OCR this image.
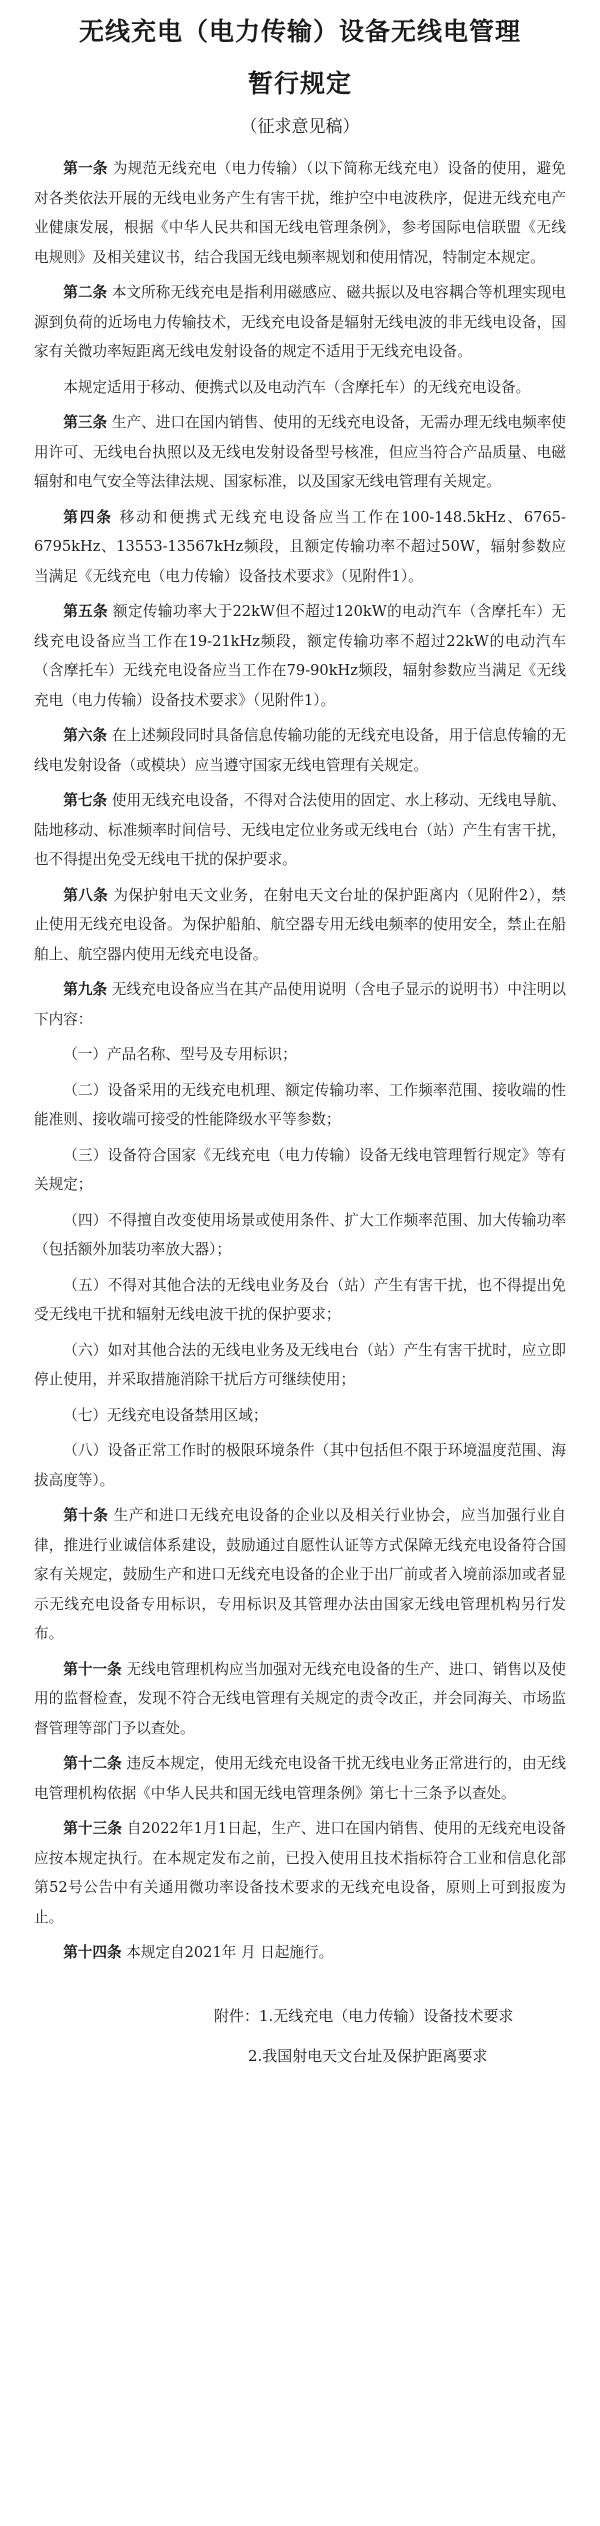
无线充电（电力传输）设备无线电管理
暂行规定
（征求意见稿）

第一条 为规范无线充电（电力传输）（以下简称无线充电）设备的使用，避免对各类依法开展的无线电业务产生有害干扰，维护空中电波秩序，促进无线充电产业健康发展，根据《中华人民共和国无线电管理条例》，参考国际电信联盟《无线电规则》及相关建议书，结合我国无线电频率规划和使用情况，特制定本规定。

第二条 本文所称无线充电是指利用磁感应、磁共振以及电容耦合等机理实现电源到负荷的近场电力传输技术，无线充电设备是辐射无线电波的非无线电设备，国家有关微功率短距离无线电发射设备的规定不适用于无线充电设备。

本规定适用于移动、便携式以及电动汽车（含摩托车）的无线充电设备。

第三条 生产、进口在国内销售、使用的无线充电设备，无需办理无线电频率使用许可、无线电台执照以及无线电发射设备型号核准，但应当符合产品质量、电磁辐射和电气安全等法律法规、国家标准，以及国家无线电管理有关规定。

第四条 移动和便携式无线充电设备应当工作在100-148.5kHz、6765-6795kHz、13553-13567kHz频段，且额定传输功率不超过50W，辐射参数应当满足《无线充电（电力传输）设备技术要求》（见附件1）。

第五条 额定传输功率大于22kW但不超过120kW的电动汽车（含摩托车）无线充电设备应当工作在19-21kHz频段，额定传输功率不超过22kW的电动汽车（含摩托车）无线充电设备应当工作在79-90kHz频段，辐射参数应当满足《无线充电（电力传输）设备技术要求》（见附件1）。

第六条 在上述频段同时具备信息传输功能的无线充电设备，用于信息传输的无线电发射设备（或模块）应当遵守国家无线电管理有关规定。

第七条 使用无线充电设备，不得对合法使用的固定、水上移动、无线电导航、陆地移动、标准频率时间信号、无线电定位业务或无线电台（站）产生有害干扰，也不得提出免受无线电干扰的保护要求。

第八条 为保护射电天文业务，在射电天文台址的保护距离内（见附件2），禁止使用无线充电设备。为保护船舶、航空器专用无线电频率的使用安全，禁止在船舶上、航空器内使用无线充电设备。

第九条 无线充电设备应当在其产品使用说明（含电子显示的说明书）中注明以下内容：

（一）产品名称、型号及专用标识；

（二）设备采用的无线充电机理、额定传输功率、工作频率范围、接收端的性能准则、接收端可接受的性能降级水平等参数；

（三）设备符合国家《无线充电（电力传输）设备无线电管理暂行规定》等有关规定；

（四）不得擅自改变使用场景或使用条件、扩大工作频率范围、加大传输功率（包括额外加装功率放大器）；

（五）不得对其他合法的无线电业务及台（站）产生有害干扰，也不得提出免受无线电干扰和辐射无线电波干扰的保护要求；

（六）如对其他合法的无线电业务及无线电台（站）产生有害干扰时，应立即停止使用，并采取措施消除干扰后方可继续使用；

（七）无线充电设备禁用区域；

（八）设备正常工作时的极限环境条件（其中包括但不限于环境温度范围、海拔高度等）。

第十条 生产和进口无线充电设备的企业以及相关行业协会，应当加强行业自律，推进行业诚信体系建设，鼓励通过自愿性认证等方式保障无线充电设备符合国家有关规定，鼓励生产和进口无线充电设备的企业于出厂前或者入境前添加或者显示无线充电设备专用标识，专用标识及其管理办法由国家无线电管理机构另行发布。

第十一条 无线电管理机构应当加强对无线充电设备的生产、进口、销售以及使用的监督检查，发现不符合无线电管理有关规定的责令改正，并会同海关、市场监督管理等部门予以查处。

第十二条 违反本规定，使用无线充电设备干扰无线电业务正常进行的，由无线电管理机构依据《中华人民共和国无线电管理条例》第七十三条予以查处。

第十三条 自2022年1月1日起，生产、进口在国内销售、使用的无线充电设备应按本规定执行。在本规定发布之前，已投入使用且技术指标符合工业和信息化部第52号公告中有关通用微功率设备技术要求的无线充电设备，原则上可到报废为止。

第十四条 本规定自2021年 月 日起施行。

附件：1.无线充电（电力传输）设备技术要求
2.我国射电天文台址及保护距离要求
